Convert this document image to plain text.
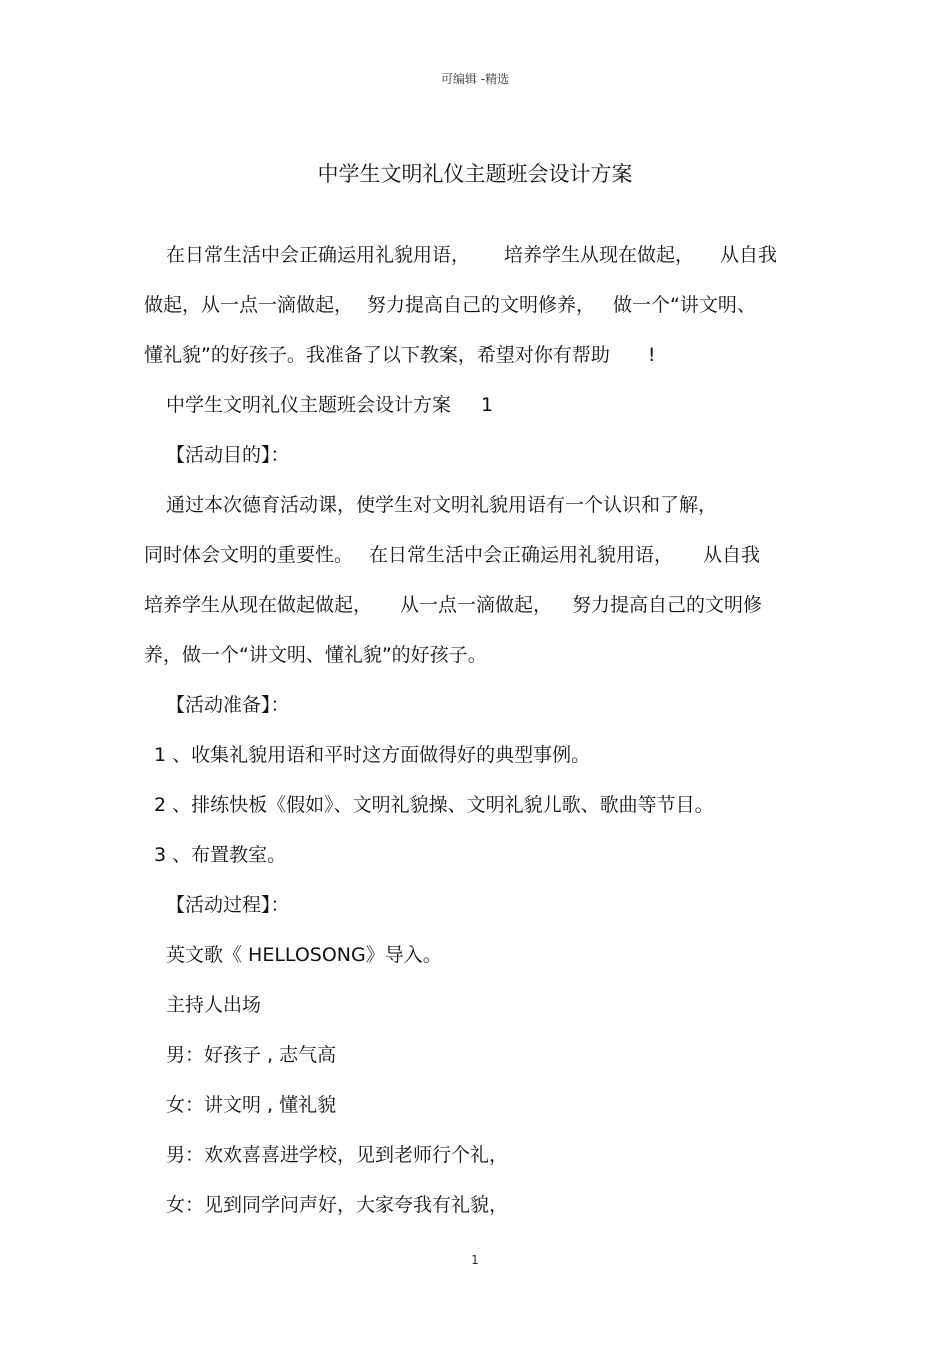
可编辑 -精选
中学生文明礼仪主题班会设计方案
在日常生活中会正确运用礼貌用语， 培养学生从现在做起， 从自我
做起，从一点一滴做起， 努力提高自己的文明修养， 做一个“讲文明、
懂礼貌”的好孩子。我准备了以下教案，希望对你有帮助 !
中学生文明礼仪主题班会设计方案 1
【活动目的】：
通过本次德育活动课，使学生对文明礼貌用语有一个认识和了解，
同时体会文明的重要性。 在日常生活中会正确运用礼貌用语， 从自我
培养学生从现在做起做起， 从一点一滴做起， 努力提高自己的文明修
养，做一个“讲文明、懂礼貌”的好孩子。
【活动准备】：
1 、收集礼貌用语和平时这方面做得好的典型事例。
2 、排练快板《假如》、文明礼貌操、文明礼貌儿歌、歌曲等节目。
3 、布置教室。
【活动过程】：
英文歌《 HELLOSONG》导入。
主持人出场
男：好孩子 , 志气高
女：讲文明 , 懂礼貌
男：欢欢喜喜进学校，见到老师行个礼，
女：见到同学问声好，大家夸我有礼貌，
1
